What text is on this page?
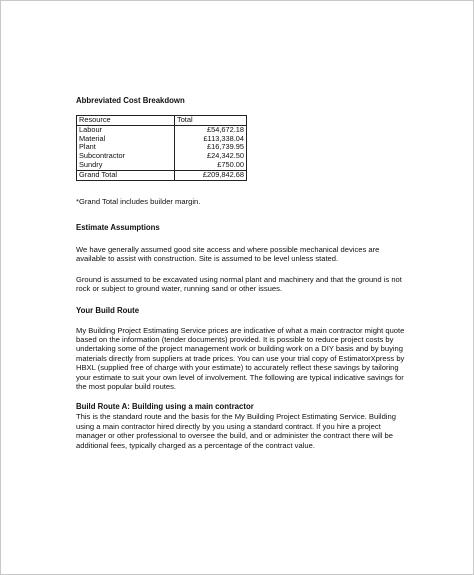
Abbreviated Cost Breakdown
Resource	Total
Labour	£54,672.18
Material	£113,338.04
Plant	£16,739.95
Subcontractor	£24,342.50
Sundry	£750.00
Grand Total	£209,842.68

*Grand Total includes builder margin.

Estimate Assumptions

We have generally assumed good site access and where possible mechanical devices are available to assist with construction. Site is assumed to be level unless stated.

Ground is assumed to be excavated using normal plant and machinery and that the ground is not rock or subject to ground water, running sand or other issues.

Your Build Route

My Building Project Estimating Service prices are indicative of what a main contractor might quote based on the information (tender documents) provided. It is possible to reduce project costs by undertaking some of the project management work or building work on a DIY basis and by buying materials directly from suppliers at trade prices. You can use your trial copy of EstimatorXpress by HBXL (supplied free of charge with your estimate) to accurately reflect these savings by tailoring your estimate to suit your own level of involvement. The following are typical indicative savings for the most popular build routes.

Build Route A: Building using a main contractor

This is the standard route and the basis for the My Building Project Estimating Service. Building using a main contractor hired directly by you using a standard contract. If you hire a project manager or other professional to oversee the build, and or administer the contract there will be additional fees, typically charged as a percentage of the contract value.
